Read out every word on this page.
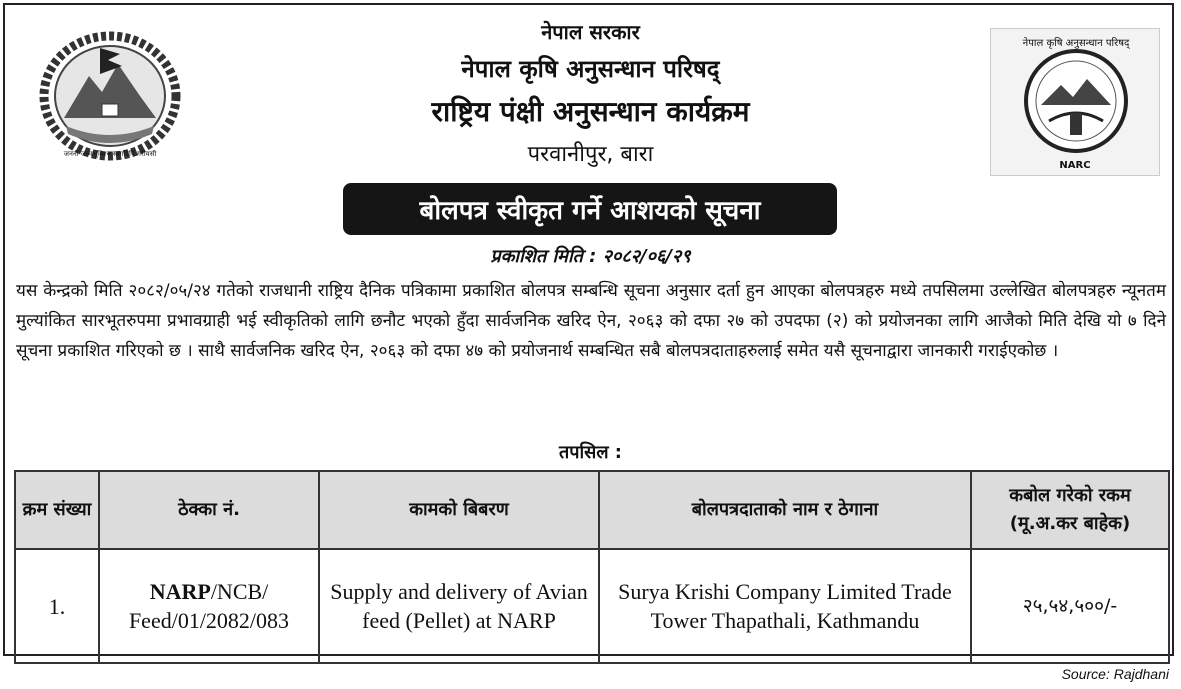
जननी जन्मभूमिश्च स्वर्गादपि गरीयसी
नेपाल कृषि अनुसन्धान परिषद्
NARC
नेपाल सरकार
नेपाल कृषि अनुसन्धान परिषद्
राष्ट्रिय पंक्षी अनुसन्धान कार्यक्रम
परवानीपुर, बारा
बोलपत्र स्वीकृत गर्ने आशयको सूचना
प्रकाशित मिति : २०८२/०६/२९

यस केन्द्रको मिति २०८२/०५/२४ गतेको राजधानी राष्ट्रिय दैनिक पत्रिकामा प्रकाशित बोलपत्र सम्बन्धि सूचना अनुसार दर्ता हुन आएका बोलपत्रहरु मध्ये तपसिलमा उल्लेखित बोलपत्रहरु न्यूनतम मुल्यांकित सारभूतरुपमा प्रभावग्राही भई स्वीकृतिको लागि छनौट भएको हुँदा सार्वजनिक खरिद ऐन, २०६३ को दफा २७ को उपदफा (२) को प्रयोजनका लागि आजैको मिति देखि यो ७ दिने सूचना प्रकाशित गरिएको छ । साथै सार्वजनिक खरिद ऐन, २०६३ को दफा ४७ को प्रयोजनार्थ सम्बन्धित सबै बोलपत्रदाताहरुलाई समेत यसै सूचनाद्वारा जानकारी गराईएकोछ ।

तपसिल :
क्रम संख्या	ठेक्का नं.	कामको बिबरण	बोलपत्रदाताको नाम र ठेगाना	कबोल गरेको रकम (मू.अ.कर बाहेक)
1.	NARP/NCB/ Feed/01/2082/083	Supply and delivery of Avian feed (Pellet) at NARP	Surya Krishi Company Limited Trade Tower Thapathali, Kathmandu	२५,५४,५००/-
Source: Rajdhani
